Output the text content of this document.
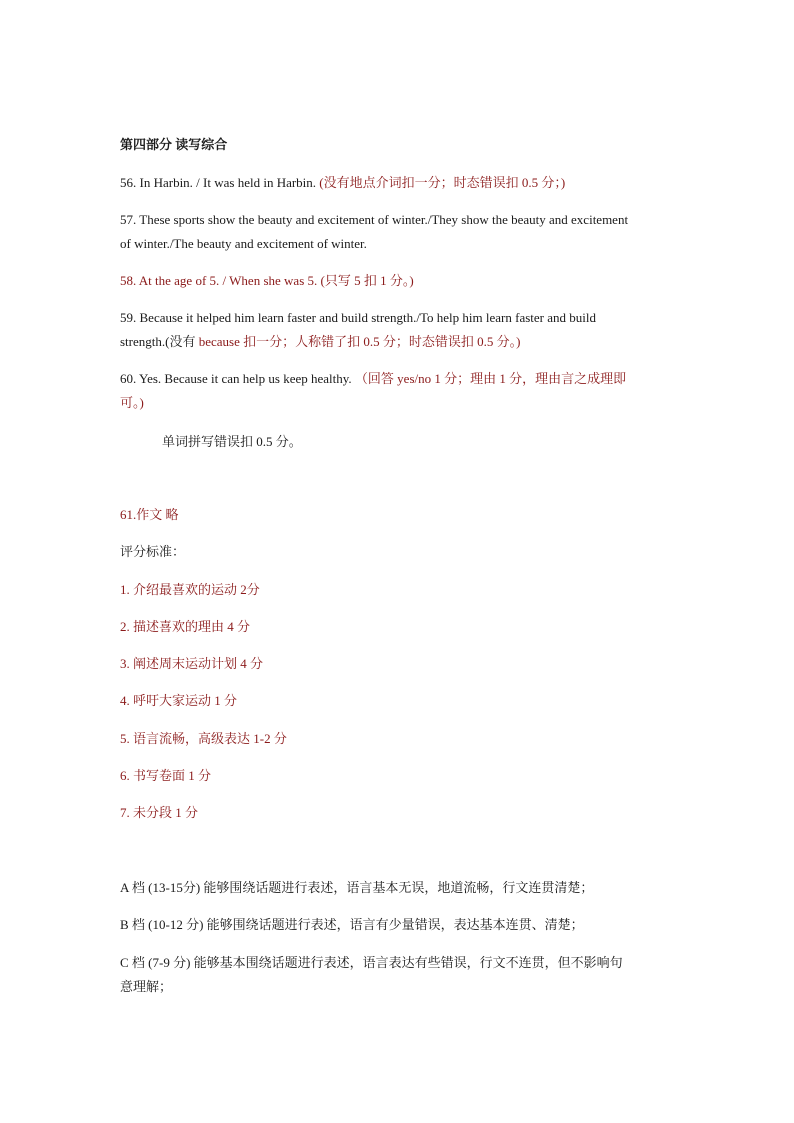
第四部分 读写综合
56. In Harbin. / It was held in Harbin. (没有地点介词扣一分；时态错误扣 0.5 分；)
57. These sports show the beauty and excitement of winter./They show the beauty and excitement
of winter./The beauty and excitement of winter.
58. At the age of 5. / When she was 5. (只写 5 扣 1 分。)
59. Because it helped him learn faster and build strength./To help him learn faster and build
strength.(没有 because 扣一分；人称错了扣 0.5 分；时态错误扣 0.5 分。)
60. Yes. Because it can help us keep healthy. （回答 yes/no 1 分；理由 1 分，理由言之成理即
可。)
单词拼写错误扣 0.5 分。
61.作文 略
评分标准：
1. 介绍最喜欢的运动 2分
2. 描述喜欢的理由 4 分
3. 阐述周末运动计划 4 分
4. 呼吁大家运动 1 分
5. 语言流畅，高级表达 1-2 分
6. 书写卷面 1 分
7. 未分段 1 分
A 档 (13-15分) 能够围绕话题进行表述，语言基本无误，地道流畅，行文连贯清楚；
B 档 (10-12 分) 能够围绕话题进行表述，语言有少量错误，表达基本连贯、清楚；
C 档 (7-9 分) 能够基本围绕话题进行表述，语言表达有些错误，行文不连贯，但不影响句
意理解；
